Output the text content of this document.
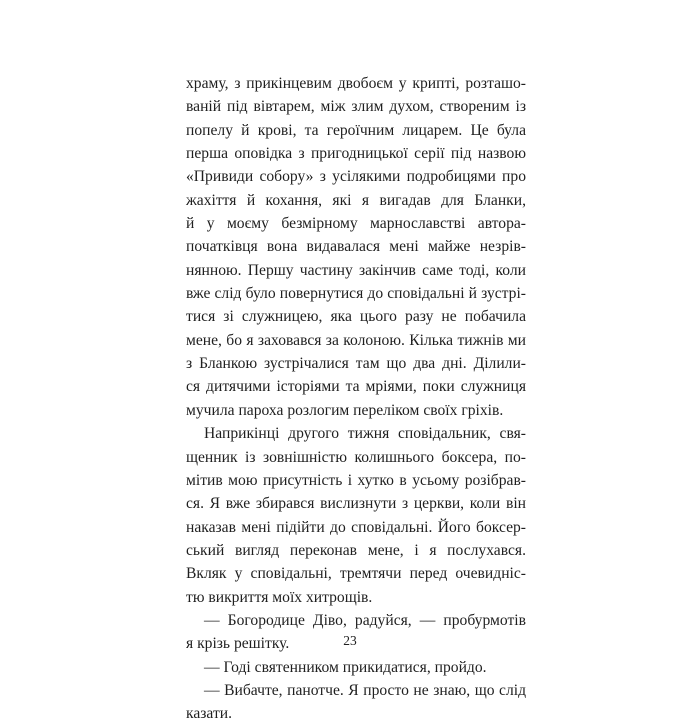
храму, з прикінцевим двобоєм у крипті, розташо-
ваній під вівтарем, між злим духом, створеним із
попелу й крові, та героїчним лицарем. Це була
перша оповідка з пригодницької серії під назвою
«Привиди собору» з усілякими подробицями про
жахіття й кохання, які я вигадав для Бланки,
й у моєму безмірному марнославстві автора-
початківця вона видавалася мені майже незрів-
нянною. Першу частину закінчив саме тоді, коли
вже слід було повернутися до сповідальні й зустрі-
тися зі служницею, яка цього разу не побачила
мене, бо я заховався за колоною. Кілька тижнів ми
з Бланкою зустрічалися там що два дні. Ділили-
ся дитячими історіями та мріями, поки служниця
мучила пароха розлогим переліком своїх гріхів.
Наприкінці другого тижня сповідальник, свя-
щенник із зовнішністю колишнього боксера, по-
мітив мою присутність і хутко в усьому розібрав-
ся. Я вже збирався вислизнути з церкви, коли він
наказав мені підійти до сповідальні. Його боксер-
ський вигляд переконав мене, і я послухався.
Вкляк у сповідальні, тремтячи перед очевидніс-
тю викриття моїх хитрощів.
— Богородице Діво, радуйся, — пробурмотів
я крізь решітку.
— Годі святенником прикидатися, пройдо.
— Вибачте, панотче. Я просто не знаю, що слід
казати.
23
